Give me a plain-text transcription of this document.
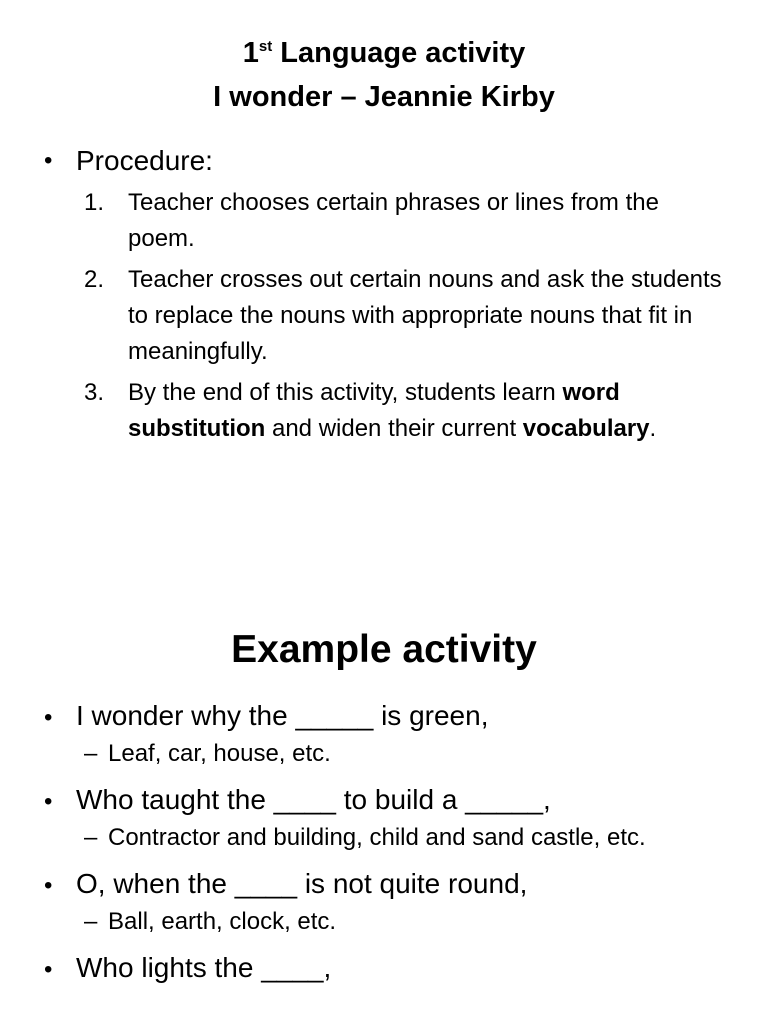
1st Language activity
I wonder – Jeannie Kirby
• Procedure:
1. Teacher chooses certain phrases or lines from the poem.
2. Teacher crosses out certain nouns and ask the students to replace the nouns with appropriate nouns that fit in meaningfully.
3. By the end of this activity, students learn word substitution and widen their current vocabulary.
Example activity
• I wonder why the _____ is green,
– Leaf, car, house, etc.
• Who taught the ____ to build a _____,
– Contractor and building, child and sand castle, etc.
• O, when the ____ is not quite round,
– Ball, earth, clock, etc.
• Who lights the ____,
